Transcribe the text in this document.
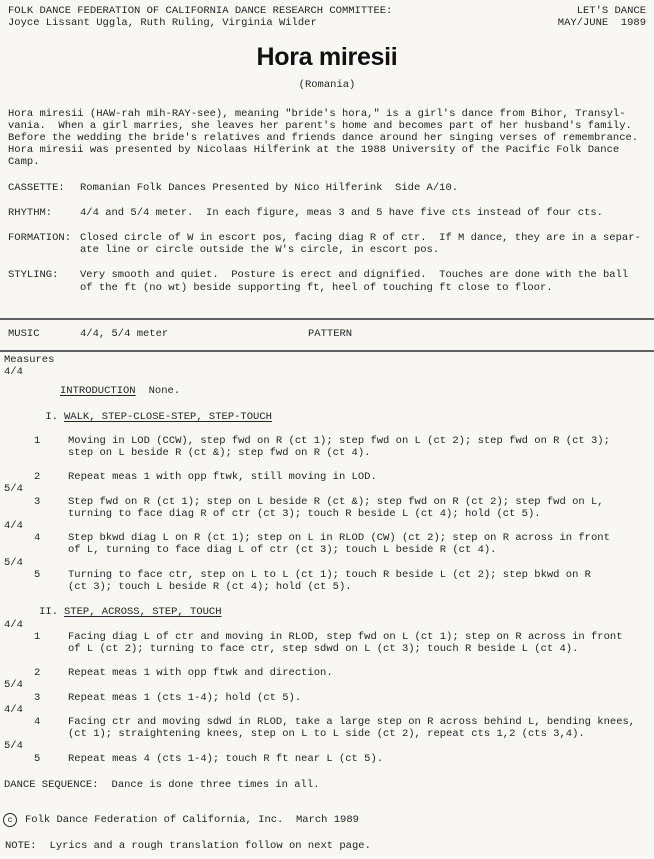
FOLK DANCE FEDERATION OF CALIFORNIA DANCE RESEARCH COMMITTEE:
Joyce Lissant Uggla, Ruth Ruling, Virginia Wilder
LET'S DANCE
MAY/JUNE  1989
Hora miresii
(Romania)
Hora miresii (HAW-rah mih-RAY-see), meaning "bride's hora," is a girl's dance from Bihor, Transyl-
vania.  When a girl marries, she leaves her parent's home and becomes part of her husband's family.
Before the wedding the bride's relatives and friends dance around her singing verses of remembrance.
Hora miresii was presented by Nicolaas Hilferink at the 1988 University of the Pacific Folk Dance
Camp.
CASSETTE:	Romanian Folk Dances Presented by Nico Hilferink  Side A/10.
RHYTHM:	4/4 and 5/4 meter.  In each figure, meas 3 and 5 have five cts instead of four cts.
FORMATION: Closed circle of W in escort pos, facing diag R of ctr.  If M dance, they are in a separ-
ate line or circle outside the W's circle, in escort pos.
STYLING:	Very smooth and quiet.  Posture is erect and dignified.  Touches are done with the ball
of the ft (no wt) beside supporting ft, heel of touching ft close to floor.
MUSIC	4/4, 5/4 meter	PATTERN
Measures
4/4
INTRODUCTION None.
I. WALK, STEP-CLOSE-STEP, STEP-TOUCH
1	Moving in LOD (CCW), step fwd on R (ct 1); step fwd on L (ct 2); step fwd on R (ct 3);
step on L beside R (ct &); step fwd on R (ct 4).
2	Repeat meas 1 with opp ftwk, still moving in LOD.
5/4
3	Step fwd on R (ct 1); step on L beside R (ct &); step fwd on R (ct 2); step fwd on L,
turning to face diag R of ctr (ct 3); touch R beside L (ct 4); hold (ct 5).
4/4
4	Step bkwd diag L on R (ct 1); step on L in RLOD (CW) (ct 2); step on R across in front
of L, turning to face diag L of ctr (ct 3); touch L beside R (ct 4).
5/4
5	Turning to face ctr, step on L to L (ct 1); touch R beside L (ct 2); step bkwd on R
(ct 3); touch L beside R (ct 4); hold (ct 5).
II. STEP, ACROSS, STEP, TOUCH
4/4
1	Facing diag L of ctr and moving in RLOD, step fwd on L (ct 1); step on R across in front
of L (ct 2); turning to face ctr, step sdwd on L (ct 3); touch R beside L (ct 4).
2	Repeat meas 1 with opp ftwk and direction.
5/4
3	Repeat meas 1 (cts 1-4); hold (ct 5).
4/4
4	Facing ctr and moving sdwd in RLOD, take a large step on R across behind L, bending knees,
(ct 1); straightening knees, step on L to L side (ct 2), repeat cts 1,2 (cts 3,4).
5/4
5	Repeat meas 4 (cts 1-4); touch R ft near L (ct 5).
DANCE SEQUENCE: Dance is done three times in all.
c	Folk Dance Federation of California, Inc.  March 1989
NOTE: Lyrics and a rough translation follow on next page.
